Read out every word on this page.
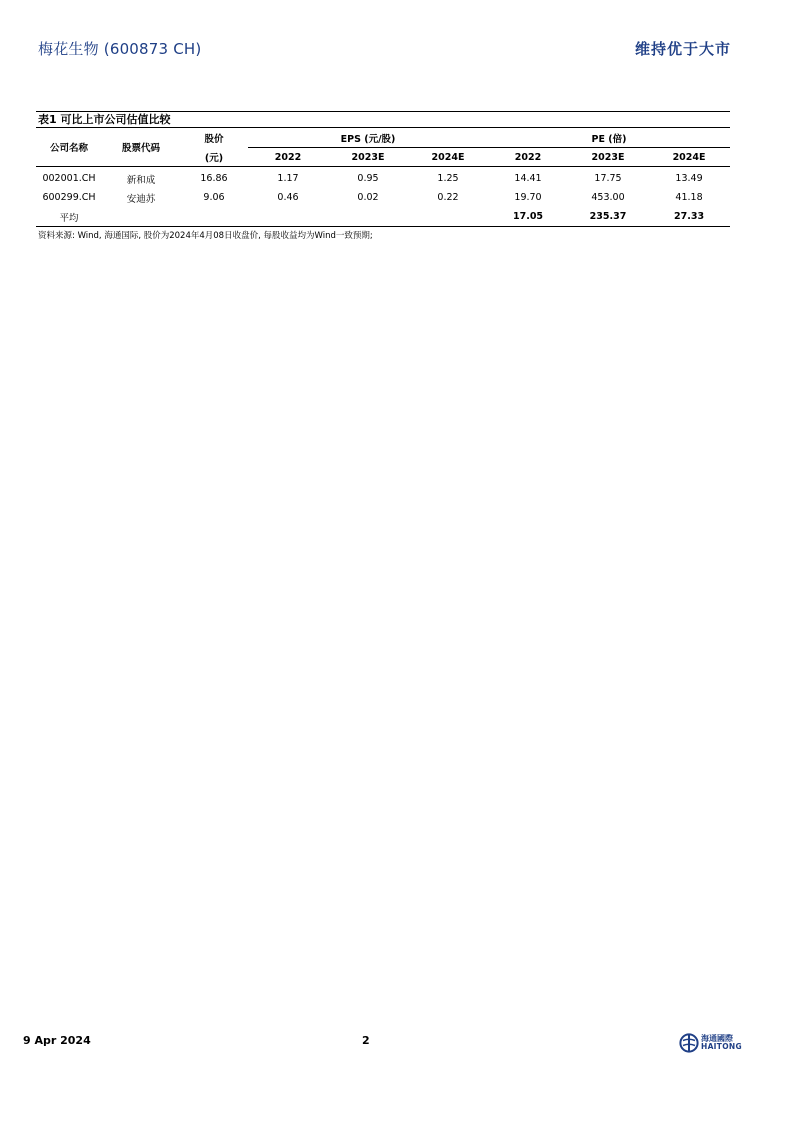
梅花生物 (600873 CH)	维持优于大市
表1 可比上市公司估值比较
公司名称	股票代码	股价	EPS (元/股)			PE (倍)		
		(元)	2022	2023E	2024E	2022	2023E	2024E
002001.CH	新和成	16.86	1.17	0.95	1.25	14.41	17.75	13.49
600299.CH	安迪苏	9.06	0.46	0.02	0.22	19.70	453.00	41.18
平均						17.05	235.37	27.33
资料来源: Wind, 海通国际, 股价为2024年4月08日收盘价, 每股收益均为Wind一致预期;
9 Apr 2024	2	海通國際
HAITONG
